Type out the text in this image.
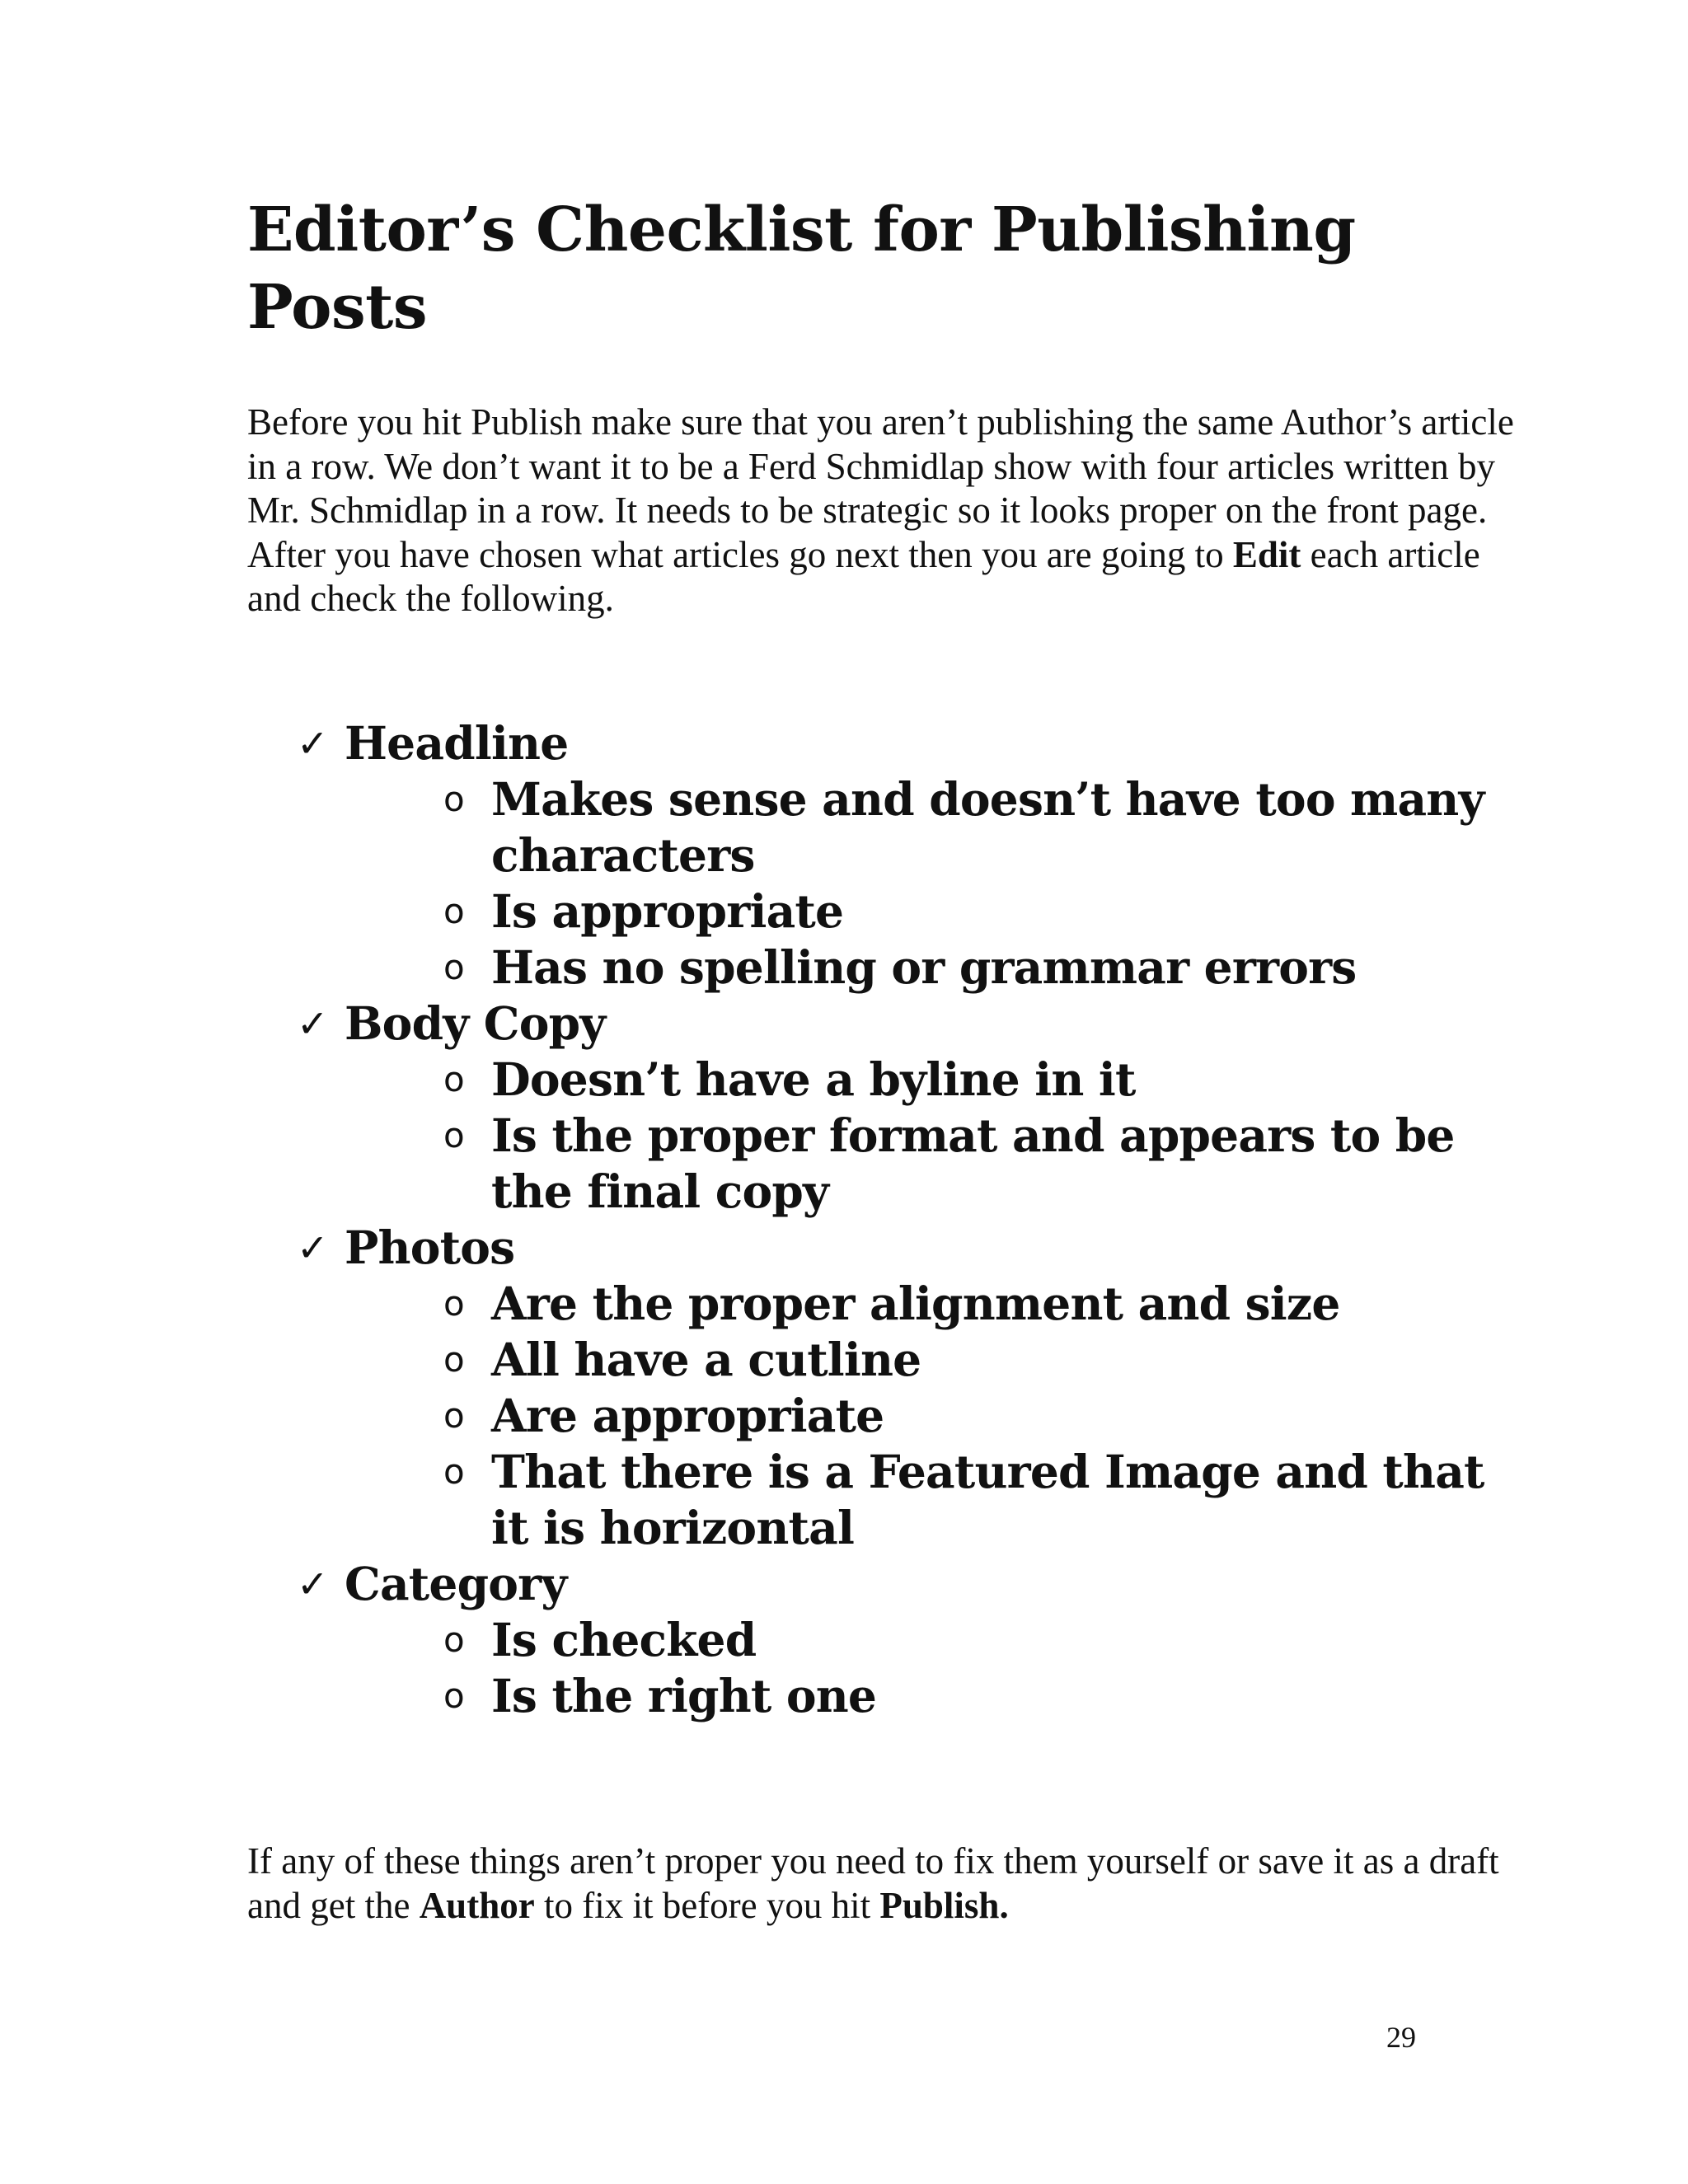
Editor’s Checklist for Publishing Posts

Before you hit Publish make sure that you aren’t publishing the same Author’s article in a row. We don’t want it to be a Ferd Schmidlap show with four articles written by Mr. Schmidlap in a row. It needs to be strategic so it looks proper on the front page. After you have chosen what articles go next then you are going to Edit each article and check the following.

✓ Headline
o Makes sense and doesn’t have too many characters
o Is appropriate
o Has no spelling or grammar errors
✓ Body Copy
o Doesn’t have a byline in it
o Is the proper format and appears to be the final copy
✓ Photos
o Are the proper alignment and size
o All have a cutline
o Are appropriate
o That there is a Featured Image and that it is horizontal
✓ Category
o Is checked
o Is the right one

If any of these things aren’t proper you need to fix them yourself or save it as a draft and get the Author to fix it before you hit Publish.

29
